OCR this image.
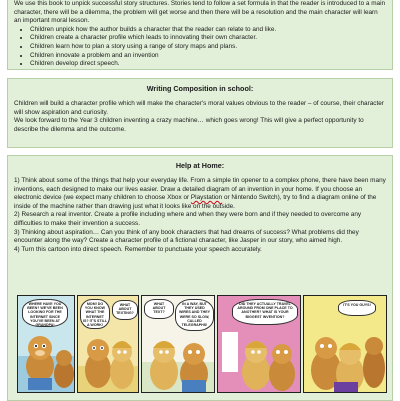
We use this book to unpick successful story structures. Stories tend to follow a set formula in that the reader is introduced to a main character, there will be a dilemma, the problem will get worse and then there will be a resolution and the main character will learn an important moral lesson.

• Children unpick how the author builds a character that the reader can relate to and like.
• Children create a character profile which leads to innovating their own character.
• Children learn how to plan a story using a range of story maps and plans.
• Children innovate a problem and an invention
• Children develop direct speech.
Writing Composition in school:

Children will build a character profile which will make the character's moral values obvious to the reader – of course, their character will show aspiration and curiosity.

We look forward to the Year 3 children inventing a crazy machine… which goes wrong! This will give a perfect opportunity to describe the dilemma and the outcome.

Help at Home:

1) Think about some of the things that help your everyday life. From a simple tin opener to a complex phone, there have been many inventions, each designed to make our lives easier. Draw a detailed diagram of an invention in your home. If you choose an electronic device (we expect many children to choose Xbox or Playstation or Nintendo Switch), try to find a diagram online of the inside of the machine rather than drawing just what it looks like on the outside.

2) Research a real inventor. Create a profile including where and when they were born and if they needed to overcome any difficulties to make their invention a success.

3) Thinking about aspiration… Can you think of any book characters that had dreams of success? What problems did they encounter along the way? Create a character profile of a fictional character, like Jasper in our story, who aimed high.

4) Turn this cartoon into direct speech. Remember to punctuate your speech accurately.

WHERE HAVE YOU BEEN? WE'VE BEEN LOOKING FOR THE INTERNET SINCE YOU'VE BEEN AT GRANDPA!
MOM! DO YOU KNOW WHAT THE INTERNET IS? IT'S STILL A WORK!
WHAT ABOUT TEXTING?
WHAT ABOUT TEXT?
IN A WAY, BUT THEY USED WIRES AND THEY WERE SO SLOW, CALLED TELEGRAPHS!
DID THEY ACTUALLY TRAVEL AROUND FROM ONE PLACE TO ANOTHER? WHAT IS YOUR BIGGEST INVENTION?
IT'S YOU GUYS!
